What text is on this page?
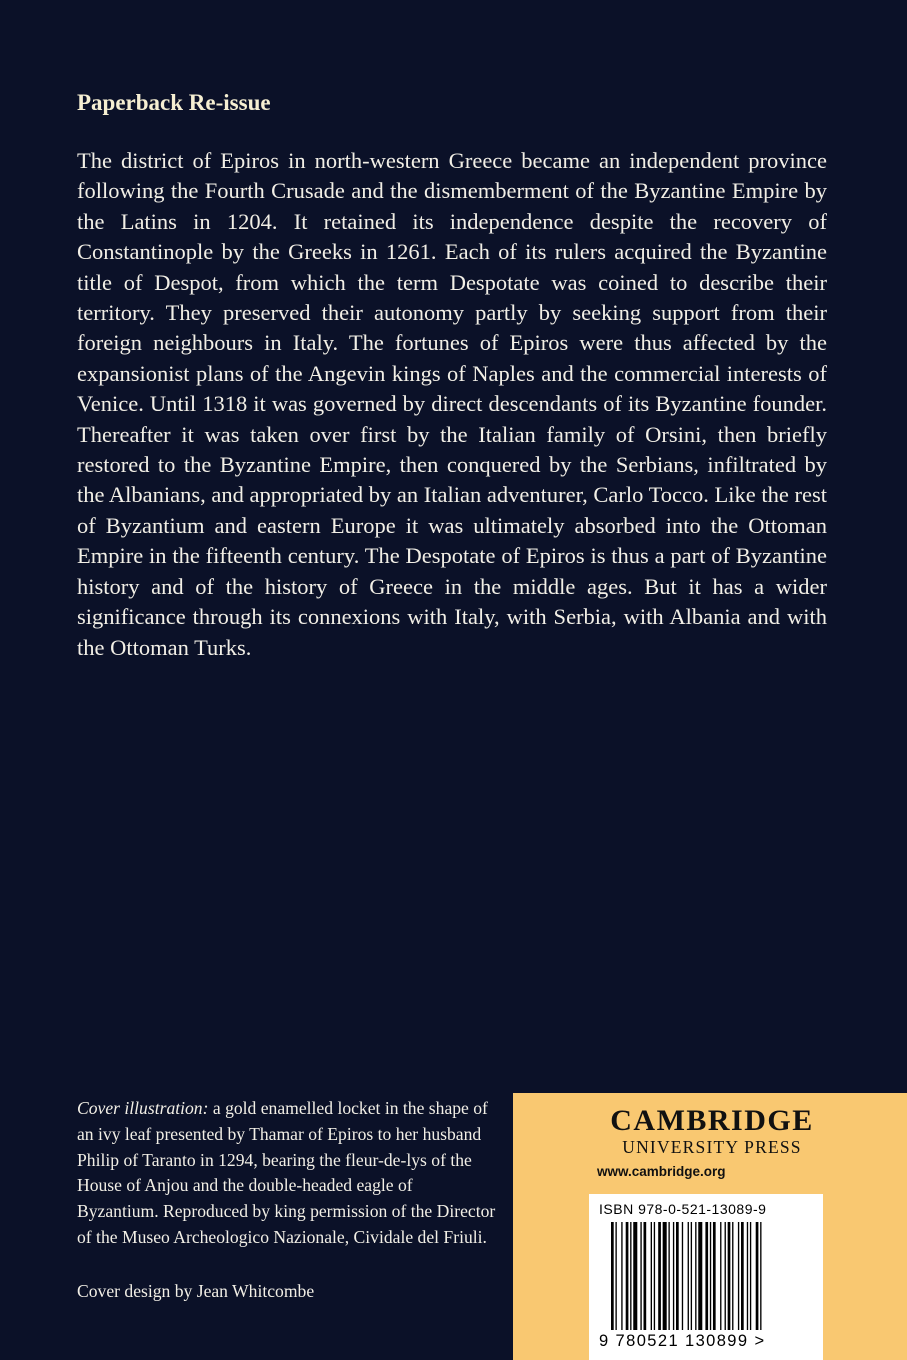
Paperback Re-issue

The district of Epiros in north-western Greece became an independent province following the Fourth Crusade and the dismemberment of the Byzantine Empire by the Latins in 1204. It retained its independence despite the recovery of Constantinople by the Greeks in 1261. Each of its rulers acquired the Byzantine title of Despot, from which the term Despotate was coined to describe their territory. They preserved their autonomy partly by seeking support from their foreign neighbours in Italy. The fortunes of Epiros were thus affected by the expansionist plans of the Angevin kings of Naples and the commercial interests of Venice. Until 1318 it was governed by direct descendants of its Byzantine founder. Thereafter it was taken over first by the Italian family of Orsini, then briefly restored to the Byzantine Empire, then conquered by the Serbians, infiltrated by the Albanians, and appropriated by an Italian adventurer, Carlo Tocco. Like the rest of Byzantium and eastern Europe it was ultimately absorbed into the Ottoman Empire in the fifteenth century. The Despotate of Epiros is thus a part of Byzantine history and of the history of Greece in the middle ages. But it has a wider significance through its connexions with Italy, with Serbia, with Albania and with the Ottoman Turks.

Cover illustration: a gold enamelled locket in the shape of an ivy leaf presented by Thamar of Epiros to her husband Philip of Taranto in 1294, bearing the fleur-de-lys of the House of Anjou and the double-headed eagle of Byzantium. Reproduced by king permission of the Director of the Museo Archeologico Nazionale, Cividale del Friuli.

Cover design by Jean Whitcombe

CAMBRIDGE
UNIVERSITY PRESS
www.cambridge.org
ISBN 978-0-521-13089-9
9 780521 130899 >
